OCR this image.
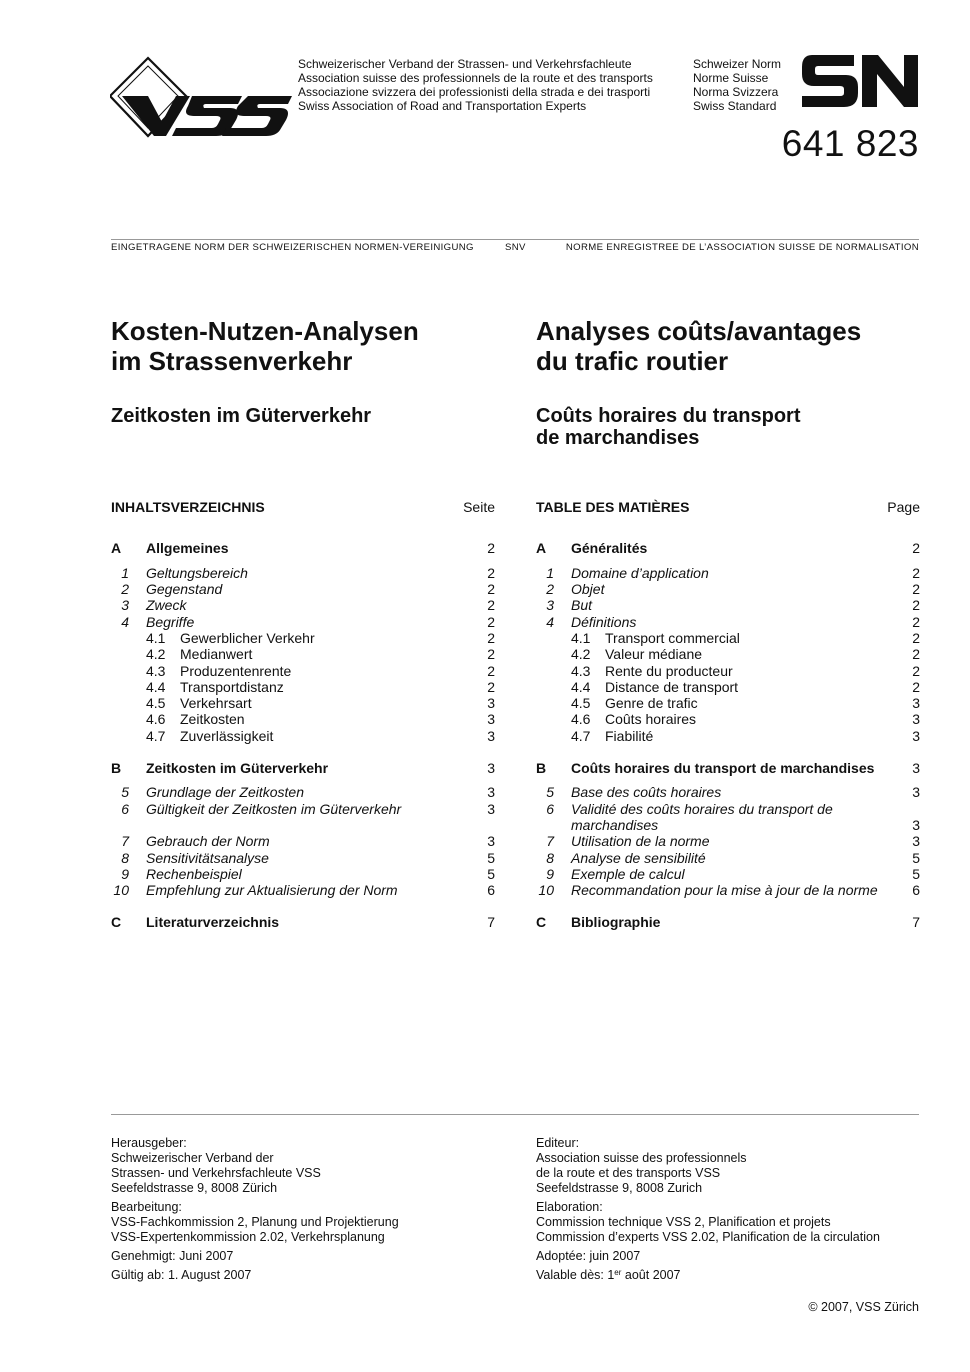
Schweizerischer Verband der Strassen- und Verkehrsfachleute
Association suisse des professionnels de la route et des transports
Associazione svizzera dei professionisti della strada e dei trasporti
Swiss Association of Road and Transportation Experts
Schweizer Norm
Norme Suisse
Norma Svizzera
Swiss Standard
641 823
EINGETRAGENE NORM DER SCHWEIZERISCHEN NORMEN-VEREINIGUNG	SNV	NORME ENREGISTREE DE L’ASSOCIATION SUISSE DE NORMALISATION
Kosten-Nutzen-Analysen
im Strassenverkehr
Zeitkosten im Güterverkehr
INHALTSVERZEICHNIS	Seite
A	Allgemeines	2
1	Geltungsbereich	2
2	Gegenstand	2
3	Zweck	2
4	Begriffe	2
4.1	Gewerblicher Verkehr	2
4.2	Medianwert	2
4.3	Produzentenrente	2
4.4	Transportdistanz	2
4.5	Verkehrsart	3
4.6	Zeitkosten	3
4.7	Zuverlässigkeit	3
B	Zeitkosten im Güterverkehr	3
5	Grundlage der Zeitkosten	3
6	Gültigkeit der Zeitkosten im Güterverkehr	3
7	Gebrauch der Norm	3
8	Sensitivitätsanalyse	5
9	Rechenbeispiel	5
10	Empfehlung zur Aktualisierung der Norm	6
C	Literaturverzeichnis	7
Herausgeber:
Schweizerischer Verband der
Strassen- und Verkehrsfachleute VSS
Seefeldstrasse 9, 8008 Zürich
Bearbeitung:
VSS-Fachkommission 2, Planung und Projektierung
VSS-Expertenkommission 2.02, Verkehrsplanung
Genehmigt: Juni 2007
Gültig ab: 1. August 2007
Analyses coûts/avantages
du trafic routier
Coûts horaires du transport
de marchandises
TABLE DES MATIÈRES	Page
A	Généralités	2
1	Domaine d’application	2
2	Objet	2
3	But	2
4	Définitions	2
4.1	Transport commercial	2
4.2	Valeur médiane	2
4.3	Rente du producteur	2
4.4	Distance de transport	2
4.5	Genre de trafic	3
4.6	Coûts horaires	3
4.7	Fiabilité	3
B	Coûts horaires du transport de marchandises	3
5	Base des coûts horaires	3
6	Validité des coûts horaires du transport de marchandises	3
7	Utilisation de la norme	3
8	Analyse de sensibilité	5
9	Exemple de calcul	5
10	Recommandation pour la mise à jour de la norme	6
C	Bibliographie	7
Editeur:
Association suisse des professionnels
de la route et des transports VSS
Seefeldstrasse 9, 8008 Zurich
Elaboration:
Commission technique VSS 2, Planification et projets
Commission d’experts VSS 2.02, Planification de la circulation
Adoptée: juin 2007
Valable dès: 1er août 2007
© 2007, VSS Zürich
